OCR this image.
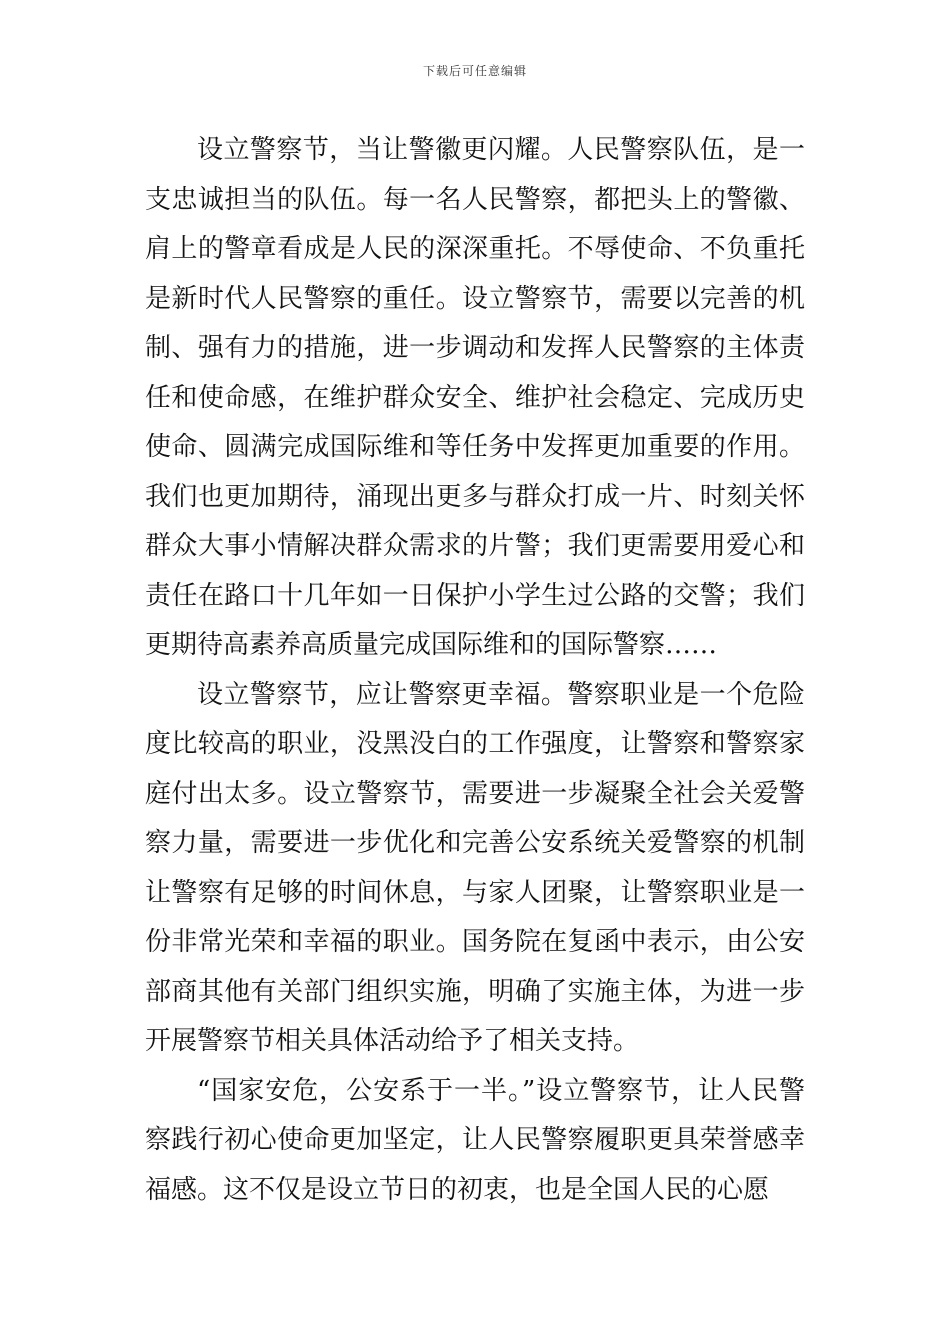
下载后可任意编辑

设立警察节，当让警徽更闪耀。人民警察队伍，是一支忠诚担当的队伍。每一名人民警察，都把头上的警徽、肩上的警章看成是人民的深深重托。不辱使命、不负重托是新时代人民警察的重任。设立警察节，需要以完善的机制、强有力的措施，进一步调动和发挥人民警察的主体责任和使命感，在维护群众安全、维护社会稳定、完成历史使命、圆满完成国际维和等任务中发挥更加重要的作用。我们也更加期待，涌现出更多与群众打成一片、时刻关怀群众大事小情解决群众需求的片警；我们更需要用爱心和责任在路口十几年如一日保护小学生过公路的交警；我们更期待高素养高质量完成国际维和的国际警察……

设立警察节，应让警察更幸福。警察职业是一个危险度比较高的职业，没黑没白的工作强度，让警察和警察家庭付出太多。设立警察节，需要进一步凝聚全社会关爱警察力量，需要进一步优化和完善公安系统关爱警察的机制让警察有足够的时间休息，与家人团聚，让警察职业是一份非常光荣和幸福的职业。国务院在复函中表示，由公安部商其他有关部门组织实施，明确了实施主体，为进一步开展警察节相关具体活动给予了相关支持。

“国家安危，公安系于一半。”设立警察节，让人民警察践行初心使命更加坚定，让人民警察履职更具荣誉感幸福感。这不仅是设立节日的初衷，也是全国人民的心愿
